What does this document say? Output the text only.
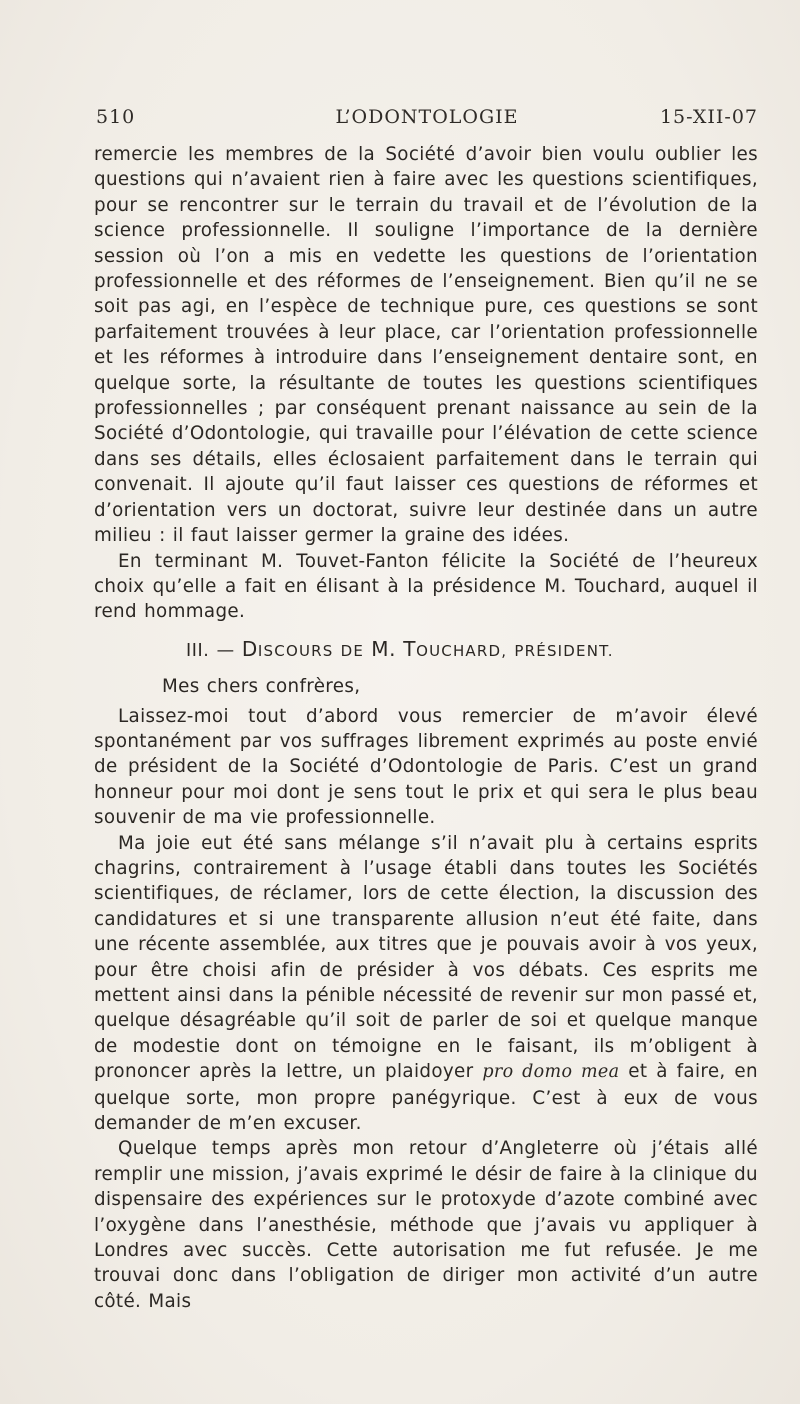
510	L’ODONTOLOGIE	15-XII-07

remercie les membres de la Société d’avoir bien voulu oublier les questions qui n’avaient rien à faire avec les questions scientifiques, pour se rencontrer sur le terrain du travail et de l’évolution de la science professionnelle. Il souligne l’importance de la dernière session où l’on a mis en vedette les questions de l’orientation professionnelle et des réformes de l’enseignement. Bien qu’il ne se soit pas agi, en l’espèce de technique pure, ces questions se sont parfaitement trouvées à leur place, car l’orientation professionnelle et les réformes à introduire dans l’enseignement dentaire sont, en quelque sorte, la résultante de toutes les questions scientifiques professionnelles ; par conséquent prenant naissance au sein de la Société d’Odontologie, qui travaille pour l’élévation de cette science dans ses détails, elles éclosaient parfaitement dans le terrain qui convenait. Il ajoute qu’il faut laisser ces questions de réformes et d’orientation vers un doctorat, suivre leur destinée dans un autre milieu : il faut laisser germer la graine des idées.

En terminant M. Touvet-Fanton félicite la Société de l’heureux choix qu’elle a fait en élisant à la présidence M. Touchard, auquel il rend hommage.

III. — DISCOURS DE M. TOUCHARD, PRÉSIDENT.
Mes chers confrères,

Laissez-moi tout d’abord vous remercier de m’avoir élevé spontanément par vos suffrages librement exprimés au poste envié de président de la Société d’Odontologie de Paris. C’est un grand honneur pour moi dont je sens tout le prix et qui sera le plus beau souvenir de ma vie professionnelle.

Ma joie eut été sans mélange s’il n’avait plu à certains esprits chagrins, contrairement à l’usage établi dans toutes les Sociétés scientifiques, de réclamer, lors de cette élection, la discussion des candidatures et si une transparente allusion n’eut été faite, dans une récente assemblée, aux titres que je pouvais avoir à vos yeux, pour être choisi afin de présider à vos débats. Ces esprits me mettent ainsi dans la pénible nécessité de revenir sur mon passé et, quelque désagréable qu’il soit de parler de soi et quelque manque de modestie dont on témoigne en le faisant, ils m’obligent à prononcer après la lettre, un plaidoyer pro domo mea et à faire, en quelque sorte, mon propre panégyrique. C’est à eux de vous demander de m’en excuser.

Quelque temps après mon retour d’Angleterre où j’étais allé remplir une mission, j’avais exprimé le désir de faire à la clinique du dispensaire des expériences sur le protoxyde d’azote combiné avec l’oxygène dans l’anesthésie, méthode que j’avais vu appliquer à Londres avec succès. Cette autorisation me fut refusée. Je me trouvai donc dans l’obligation de diriger mon activité d’un autre côté. Mais
